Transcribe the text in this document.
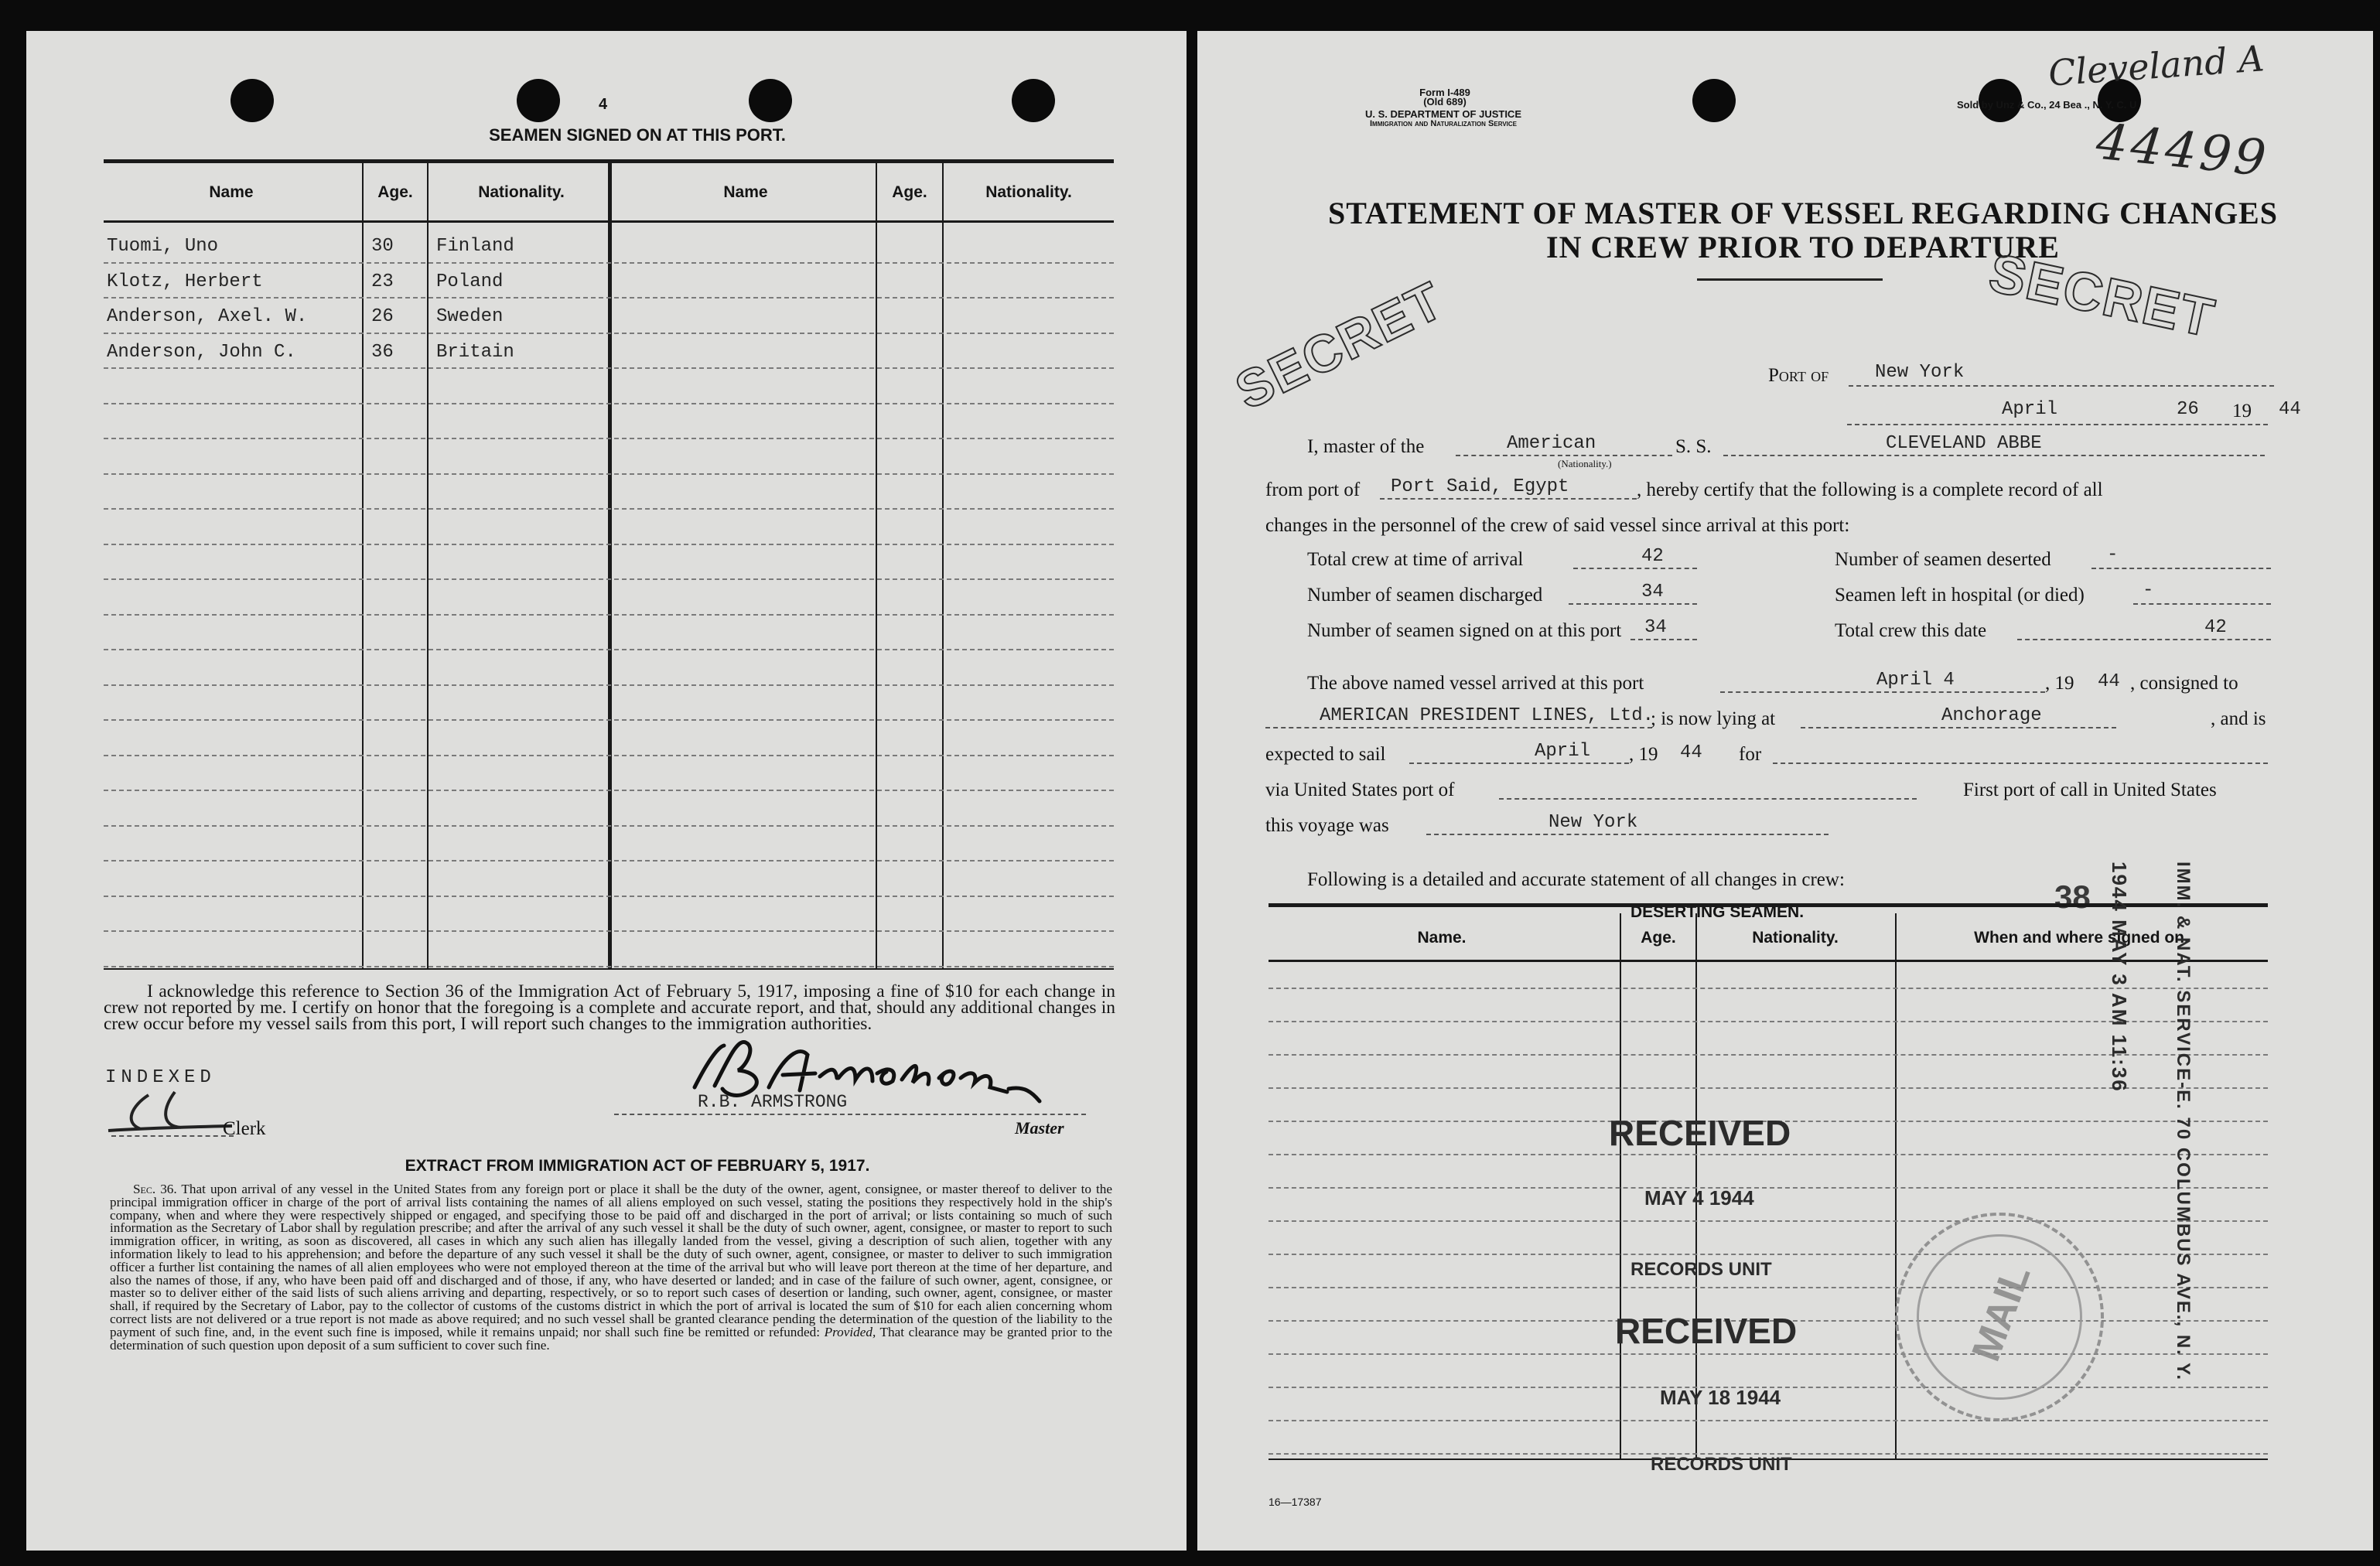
4
SEAMEN SIGNED ON AT THIS PORT.
Name	Age.	Nationality.	Name	Age.	Nationality.
Tuomi, Uno	30 Finland
Klotz, Herbert	23 Poland
Anderson, Axel. W.	26 Sweden
Anderson, John C.	36 Britain
I acknowledge this reference to Section 36 of the Immigration Act of February 5, 1917, imposing a fine of $10 for each change in crew not reported by me. I certify on honor that the foregoing is a complete and accurate report, and that, should any additional changes in crew occur before my vessel sails from this port, I will report such changes to the immigration authorities.
INDEXED
Clerk
R.B. ARMSTRONG
Master
EXTRACT FROM IMMIGRATION ACT OF FEBRUARY 5, 1917.
Sec. 36. That upon arrival of any vessel in the United States from any foreign port or place it shall be the duty of the owner, agent, consignee, or master thereof to deliver to the principal immigration officer in charge of the port of arrival lists containing the names of all aliens employed on such vessel, stating the positions they respectively hold in the ship's company, when and where they were respectively shipped or engaged, and specifying those to be paid off and discharged in the port of arrival; or lists containing so much of such information as the Secretary of Labor shall by regulation prescribe; and after the arrival of any such vessel it shall be the duty of such owner, agent, consignee, or master to report to such immigration officer, in writing, as soon as discovered, all cases in which any such alien has illegally landed from the vessel, giving a description of such alien, together with any information likely to lead to his apprehension; and before the departure of any such vessel it shall be the duty of such owner, agent, consignee, or master to deliver to such immigration officer a further list containing the names of all alien employees who were not employed thereon at the time of the arrival but who will leave port thereon at the time of her departure, and also the names of those, if any, who have been paid off and discharged and of those, if any, who have deserted or landed; and in case of the failure of such owner, agent, consignee, or master so to deliver either of the said lists of such aliens arriving and departing, respectively, or so to report such cases of desertion or landing, such owner, agent, consignee, or master shall, if required by the Secretary of Labor, pay to the collector of customs of the customs district in which the port of arrival is located the sum of $10 for each alien concerning whom correct lists are not delivered or a true report is not made as above required; and no such vessel shall be granted clearance pending the determination of the question of the liability to the payment of such fine, and, in the event such fine is imposed, while it remains unpaid; nor shall such fine be remitted or refunded: Provided, That clearance may be granted prior to the determination of such question upon deposit of a sum sufficient to cover such fine.
Form I-489
(Old 689)
U. S. DEPARTMENT OF JUSTICE
Immigration and Naturalization Service
Sold by Unz & Co., 24 Bea ., N. Y. C. U
Cleveland A
44499
STATEMENT OF MASTER OF VESSEL REGARDING CHANGES
IN CREW PRIOR TO DEPARTURE
SECRET	SECRET
Port of New York
April	26 19 44
I, master of the	American
(Nationality.)
S. S.	CLEVELAND ABBE
from port of Port Said, Egypt	, hereby certify that the following is a complete record of all
changes in the personnel of the crew of said vessel since arrival at this port:
Total crew at time of arrival	42	Number of seamen deserted	-
Number of seamen discharged	34	Seamen left in hospital (or died)	-
Number of seamen signed on at this port 34	Total crew this date	42
The above named vessel arrived at this port	April 4	, 19 44 , consigned to
AMERICAN PRESIDENT LINES, Ltd.
; is now lying at	Anchorage	, and is
expected to sail	April , 19 44 for
via United States port of	First port of call in United States
this voyage was	New York
Following is a detailed and accurate statement of all changes in crew:
DESERTING SEAMEN.	38
Name.	Age.	Nationality.	When and where signed on.
RECEIVED
MAY 4 1944
RECORDS UNIT
RECEIVED
MAY 18 1944
RECORDS UNIT
1944 MAY 3 AM 11:36 IMM. & NAT. SERVICE-E. 70 COLUMBUS AVE., N. Y.
MAIL
16—17387
